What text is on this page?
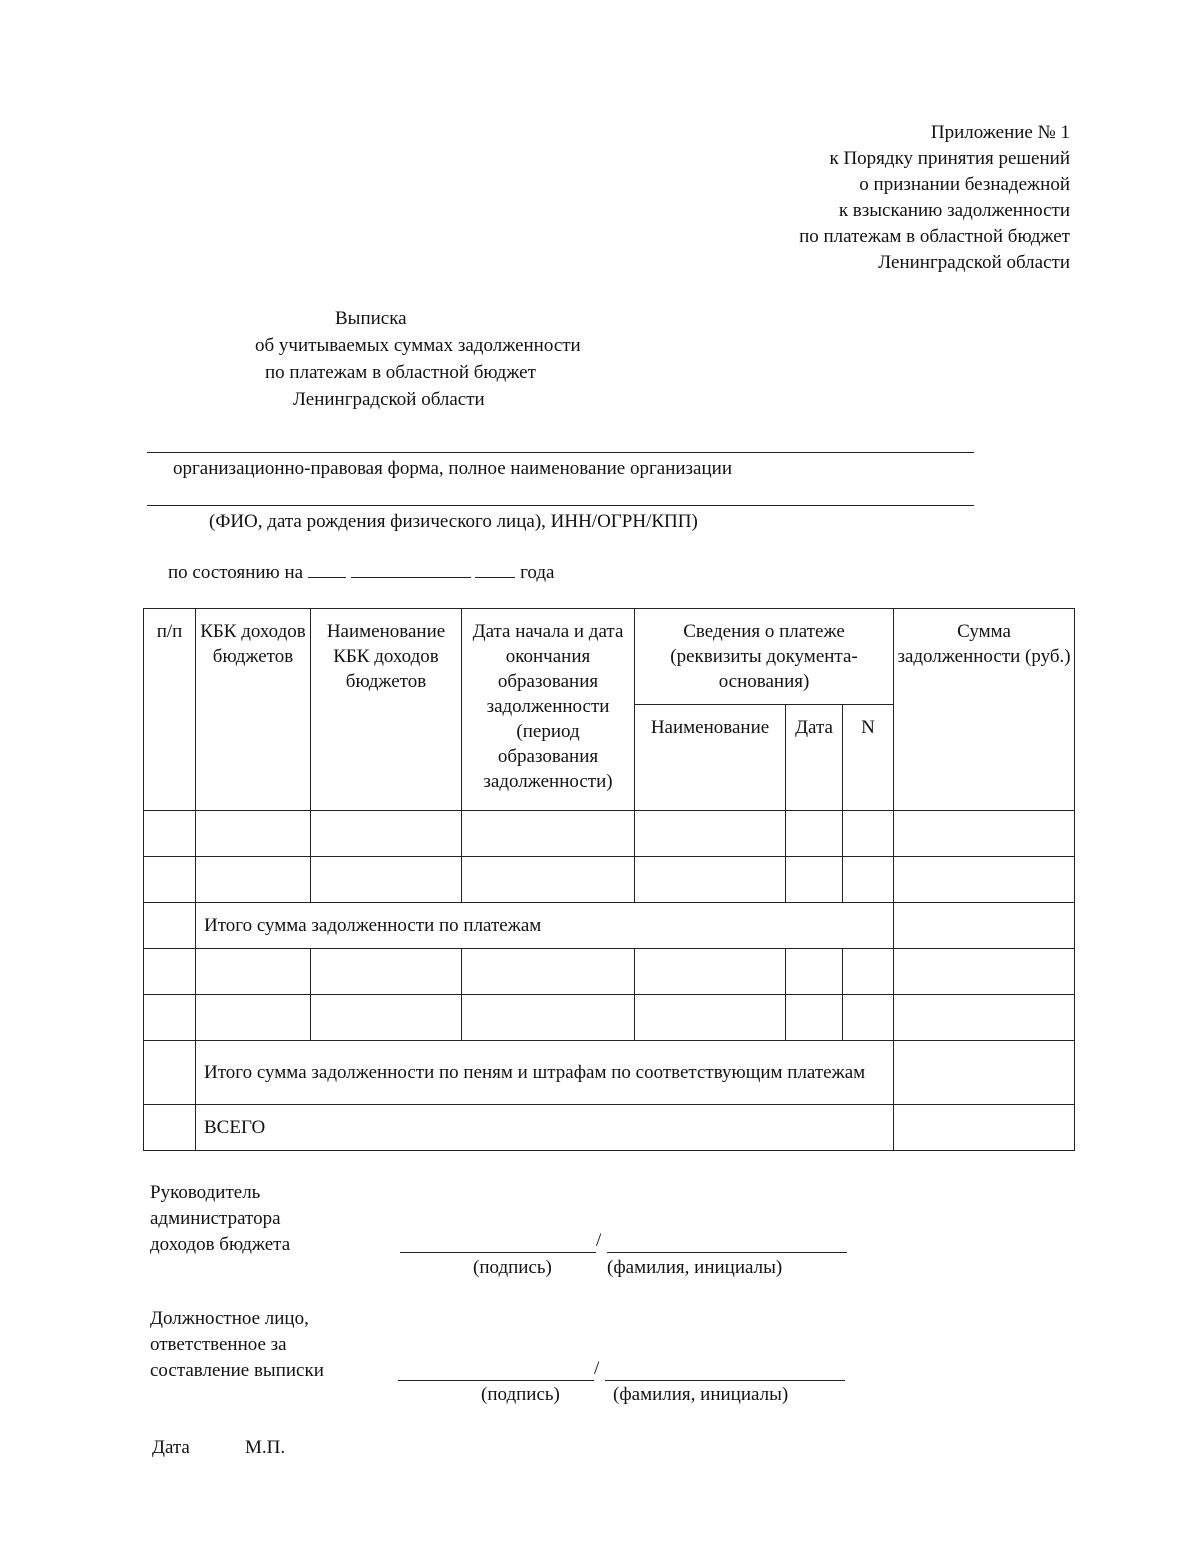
Приложение № 1
к Порядку принятия решений
о признании безнадежной
к взысканию задолженности
по платежам в областной бюджет
Ленинградской области
Выписка
об учитываемых суммах задолженности
по платежам в областной бюджет
Ленинградской области
организационно-правовая форма, полное наименование организации
(ФИО, дата рождения физического лица), ИНН/ОГРН/КПП)
по состоянию на	года
п/п	КБК доходов бюджетов	Наименование КБК доходов бюджетов	Дата начала и дата окончания образования задолженности (период образования задолженности)	Сведения о платеже (реквизиты документа-основания)			Сумма задолженности (руб.)
				Наименование	Дата	N	

	Итого сумма задолженности по платежам						

	Итого сумма задолженности по пеням и штрафам по соответствующим платежам						
	ВСЕГО						
Руководитель
администратора
доходов бюджета	/
(подпись)	(фамилия, инициалы)
Должностное лицо,
ответственное за
составление выписки	/
(подпись)	(фамилия, инициалы)
Дата	М.П.
